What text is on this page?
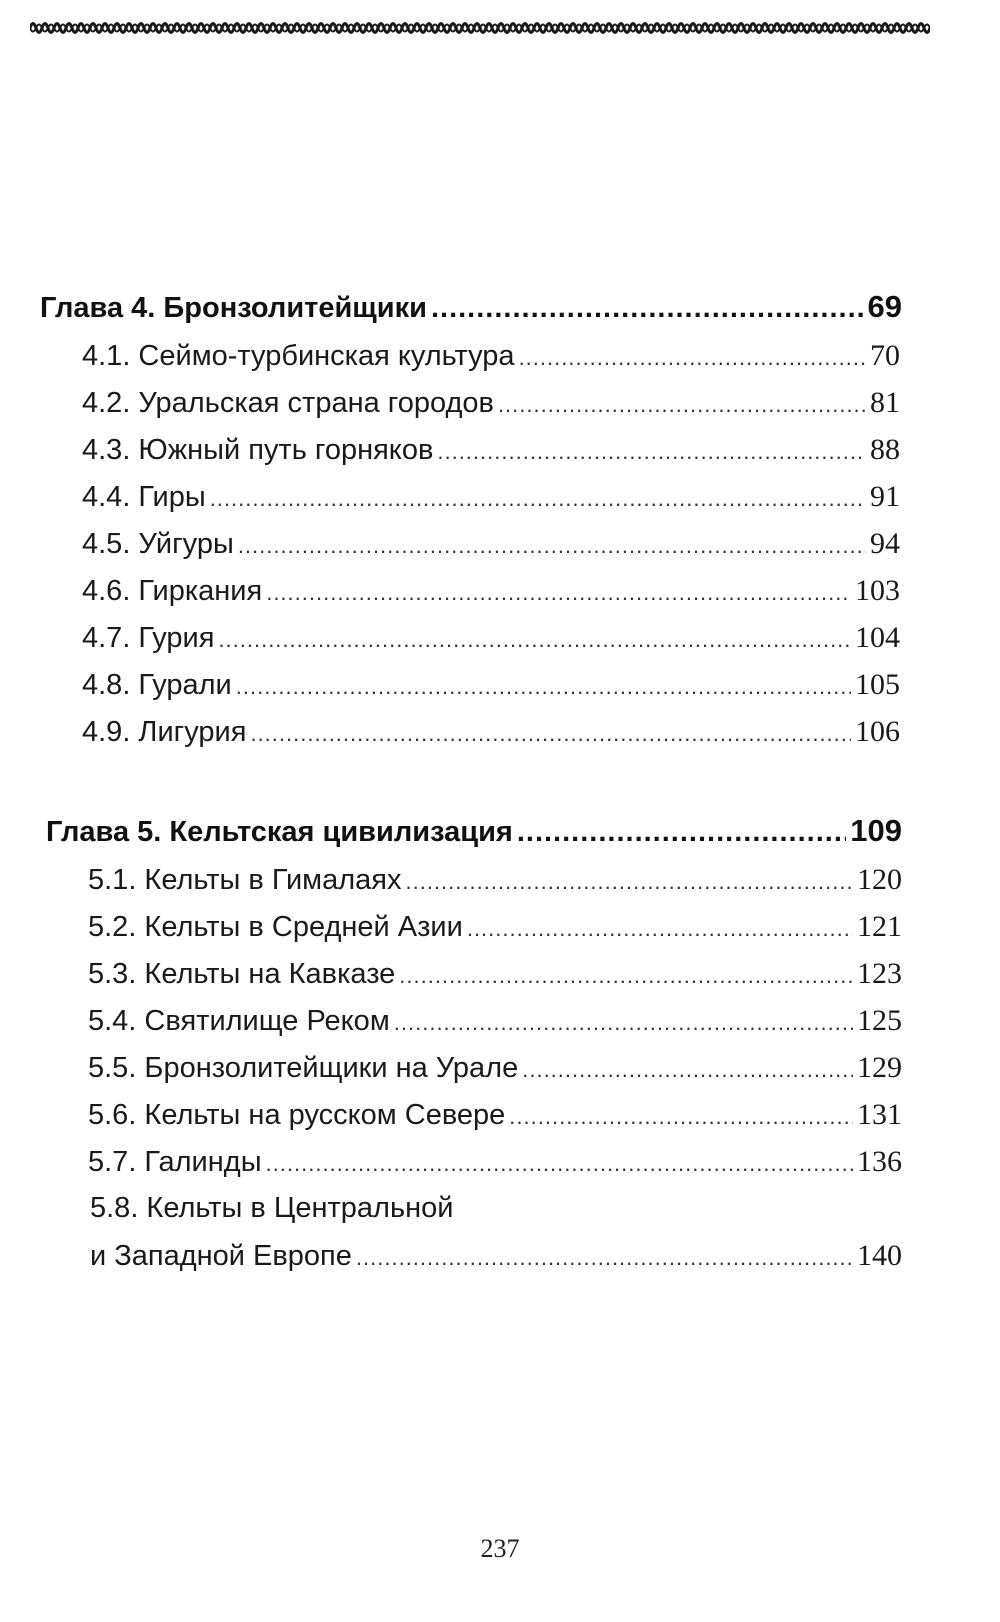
Глава 4. Бронзолитейщики .....	69
4.1. Сеймо-турбинская культура .....	70
4.2. Уральская страна городов .....	81
4.3. Южный путь горняков .....	88
4.4. Гиры .....	91
4.5. Уйгуры .....	94
4.6. Гиркания .....	103
4.7. Гурия .....	104
4.8. Гурали .....	105
4.9. Лигурия .....	106
Глава 5. Кельтская цивилизация .....	109
5.1. Кельты в Гималаях .....	120
5.2. Кельты в Средней Азии .....	121
5.3. Кельты на Кавказе .....	123
5.4. Святилище Реком .....	125
5.5. Бронзолитейщики на Урале .....	129
5.6. Кельты на русском Севере .....	131
5.7. Галинды .....	136
5.8. Кельты в Центральной
и Западной Европе .....	140
237
